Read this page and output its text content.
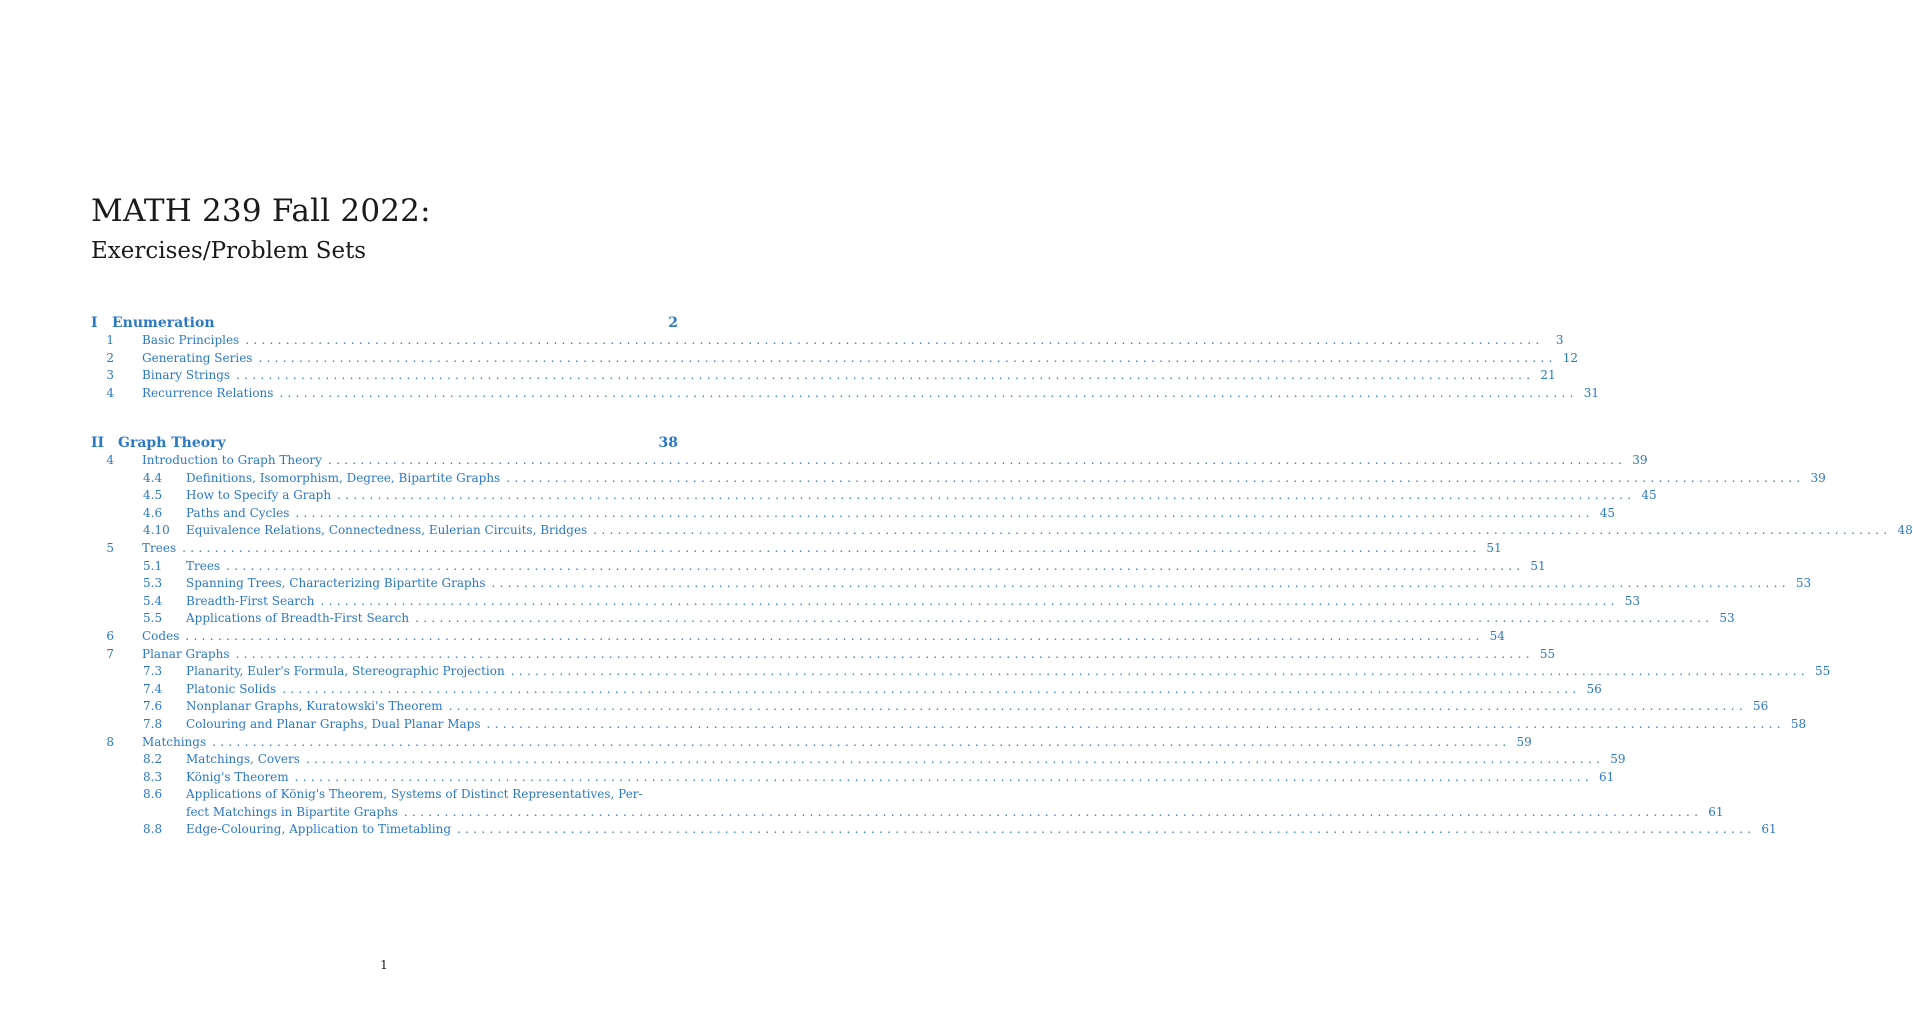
MATH 239 Fall 2022:
Exercises/Problem Sets
I	Enumeration	2
1 Basic Principles ................................................................................................................................................................	3
2 Generating Series ................................................................................................................................................................ 12
3 Binary Strings ................................................................................................................................................................ 21
4 Recurrence Relations ................................................................................................................................................................ 31
II Graph Theory	38
4 Introduction to Graph Theory ................................................................................................................................................................ 39
4.4	Definitions, Isomorphism, Degree, Bipartite Graphs ................................................................................................................................................................ 39
4.5	How to Specify a Graph ................................................................................................................................................................ 45
4.6	Paths and Cycles ................................................................................................................................................................ 45
4.10	Equivalence Relations, Connectedness, Eulerian Circuits, Bridges ................................................................................................................................................................ 48
5 Trees ................................................................................................................................................................ 51
5.1	Trees ................................................................................................................................................................ 51
5.3	Spanning Trees, Characterizing Bipartite Graphs ................................................................................................................................................................ 53
5.4	Breadth-First Search ................................................................................................................................................................ 53
5.5	Applications of Breadth-First Search ................................................................................................................................................................ 53
6 Codes ................................................................................................................................................................ 54
7 Planar Graphs ................................................................................................................................................................ 55
7.3	Planarity, Euler's Formula, Stereographic Projection ................................................................................................................................................................ 55
7.4	Platonic Solids ................................................................................................................................................................ 56
7.6	Nonplanar Graphs, Kuratowski's Theorem ................................................................................................................................................................ 56
7.8	Colouring and Planar Graphs, Dual Planar Maps ................................................................................................................................................................ 58
8 Matchings ................................................................................................................................................................ 59
8.2	Matchings, Covers ................................................................................................................................................................ 59
8.3	König's Theorem ................................................................................................................................................................ 61
8.6	Applications of König's Theorem, Systems of Distinct Representatives, Per-
fect Matchings in Bipartite Graphs ................................................................................................................................................................ 61
8.8	Edge-Colouring, Application to Timetabling ................................................................................................................................................................ 61
1
